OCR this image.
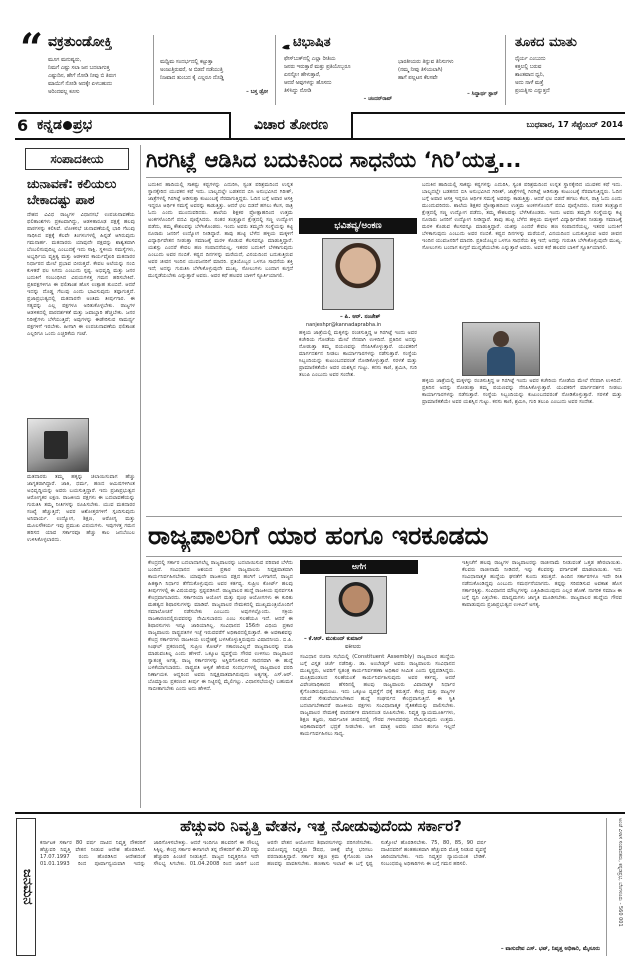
“ ವಕ್ರತುಂಡೋಕ್ತಿ
ಮೂಗ ಮನುಷ್ಯರು,
ನಿಮಗೆ ಎಷ್ಟು ಸಲಾ ಜನ ಬದಲಾಗುತ್ತ
ಎಷ್ಟುದಿನ, ಹೇಗೆ ನೋಡಿ ನೀವು ಬಿ ತಿರುಗ
ಮಾಯಿಗೆ ನೋಡಿ ಅದಕ್ಕೇ ಏಳಬಹುದು
ಅರಿಂದವಲ್ಲ ಕೂಸು
ಮಧ್ಯಿಮ ಸಂದರ್ಭದಲ್ಲಿ ಕಟ್ಟುತ್ತಾ
ಅಂಜುತ್ತಿರುವರೆ, ಅ ಬಿಡದೆ ನಡೆಯುತ್ತಿ
ನಿಜವಾದ ತುಂಬದ ಕೈ ಎಲ್ಲರೂ ದೊಡ್ಡಿ
– ಬಸ್ತ ಡ್ರೋ
ಟಿಭಾಷಿತ
ಫೇಸ್‌ಬುಕ್‌ನಲ್ಲಿ ಎಲ್ಲಾ ರೀತಿಯ
ಜನರು ಇರುತ್ತಾರೆ ಮತ್ತು ಪ್ರತಿಯೊಬ್ಬರೂ
ಏನನ್ನೋ ಹೇಳುತ್ತಾರೆ,
ಆದರೆ ಅವುಗಳನ್ನು ಹೊಸದು
ತಿಳಿಸಿದ್ದು ನೋಡಿ
– ಚಂದನ್‌ರಾವ್
ಭಾರತೀಯರು ತಿನ್ನುವ ತಿನಿಸುಗಳು
(ನಮ್ಮ ನೀವು ತಿಳಿಯಲಾಗಿ)
ಹಾಗೆ ಪಲ್ಲಟನ ಕೆಲಸವೇ
– ಸಿದ್ದಾರ್ಥ ಸ್ಟಾನ್
ತೂಕದ ಮಾತು
ಧೈರ್ಯ ಎಂಬುದು
ಕತ್ತಲಲ್ಲಿ ಬರುವ
ಶಾಂತವಾದ ಧ್ವನಿ,
ಅದು ನಾಳೆ ಮತ್ತೆ
ಪ್ರಯತ್ನಿಸು ಎನ್ನುತ್ತದೆ
6 ಕನ್ನಡ ಪ್ರಭ	ವಿಚಾರ ತೋರಣ	ಬುಧವಾರ, 17 ಸೆಪ್ಟೆಂಬರ್ 2014
ಸಂಪಾದಕೀಯ
ಚುನಾವಣೆ: ಕಲಿಯಲು ಬೇಕಾದಷ್ಟು ಪಾಠ
ದೇಶದ ವಿವಿಧ ರಾಜ್ಯಗಳ ವಿಧಾನಸಭೆ ಉಪಚುನಾವಣೆಯ ಫಲಿತಾಂಶಗಳು ಪ್ರಕಟವಾಗಿದ್ದು, ಆಡಳಿತಾರೂಢ ಪಕ್ಷಕ್ಕೆ ಹಲವು ಪಾಠಗಳನ್ನು ಕಲಿಸಿವೆ. ಲೋಕಸಭೆ ಚುನಾವಣೆಯಲ್ಲಿ ಭಾರಿ ಗೆಲುವು ಸಾಧಿಸಿದ ಪಕ್ಷಕ್ಕೆ ಕೆಲವೇ ತಿಂಗಳುಗಳಲ್ಲಿ ಹಿನ್ನಡೆ ಆಗಿರುವುದು ಗಮನಾರ್ಹ. ಮತದಾರರು ಯಾವುದೇ ಪಕ್ಷವನ್ನು ಶಾಶ್ವತವಾಗಿ ಬೆಂಬಲಿಸುವುದಿಲ್ಲ ಎಂಬುದಕ್ಕೆ ಇದು ಸಾಕ್ಷಿ. ಸ್ಥಳೀಯ ಸಮಸ್ಯೆಗಳು, ಅಭ್ಯರ್ಥಿಯ ವ್ಯಕ್ತಿತ್ವ ಮತ್ತು ಆಡಳಿತದ ಕಾರ್ಯವೈಖರಿ ಮತದಾರರ ನಿರ್ಧಾರದ ಮೇಲೆ ಪ್ರಭಾವ ಬೀರುತ್ತವೆ. ಕೇವಲ ಅಲೆಯನ್ನು ನಂಬಿ ಕುಳಿತರೆ ಫಲ ಸಿಗದು ಎಂಬುದು ಸ್ಪಷ್ಟ. ಅಭಿವೃದ್ಧಿ ಮತ್ತು ಜನರ ಬದುಕಿಗೆ ಸಂಬಂಧಿಸಿದ ವಿಷಯಗಳತ್ತ ಗಮನ ಹರಿಸಬೇಕಿದೆ. ಪ್ರತಿಪಕ್ಷಗಳಿಗೂ ಈ ಫಲಿತಾಂಶ ಹೊಸ ಉತ್ಸಾಹ ತುಂಬಿದೆ. ಆದರೆ ಇದನ್ನು ದೊಡ್ಡ ಗೆಲುವು ಎಂದು ಭಾವಿಸುವುದು ತಪ್ಪಾಗುತ್ತದೆ. ಪ್ರಜಾಪ್ರಭುತ್ವದಲ್ಲಿ ಮತದಾರನೇ ಅಂತಿಮ ತೀರ್ಪುಗಾರ. ಈ ಸತ್ಯವನ್ನು ಎಲ್ಲ ಪಕ್ಷಗಳೂ ಅರಿತುಕೊಳ್ಳಬೇಕು. ರಾಜ್ಯಗಳ ಆಡಳಿತದಲ್ಲಿ ಪಾರದರ್ಶಕತೆ ಮತ್ತು ಜವಾಬ್ದಾರಿ ಹೆಚ್ಚಬೇಕು. ಜನರ ನಿರೀಕ್ಷೆಗಳು ಬೆಳೆಯುತ್ತಿವೆ; ಅವುಗಳನ್ನು ಈಡೇರಿಸುವ ಸಾಮರ್ಥ್ಯ ಪಕ್ಷಗಳಿಗೆ ಇರಬೇಕು. ಹೀಗಾಗಿ ಈ ಉಪಚುನಾವಣೆಯ ಫಲಿತಾಂಶ ಎಲ್ಲರಿಗೂ ಒಂದು ಎಚ್ಚರಿಕೆಯ ಗಂಟೆ.
ಮತದಾರರು ತಮ್ಮ ಹಕ್ಕನ್ನು ಚಲಾಯಿಸುವಾಗ ಹೆಚ್ಚು ಜಾಗೃತರಾಗಿದ್ದಾರೆ. ಜಾತಿ, ಧರ್ಮ, ಹಣದ ಆಮಿಷಗಳಿಗಿಂತ ಅಭಿವೃದ್ಧಿಯನ್ನು ಅವರು ಬಯಸುತ್ತಿದ್ದಾರೆ. ಇದು ಪ್ರಜಾಪ್ರಭುತ್ವದ ಆರೋಗ್ಯಕರ ಲಕ್ಷಣ. ರಾಜಕೀಯ ಪಕ್ಷಗಳು ಈ ಬದಲಾವಣೆಯನ್ನು ಗುರುತಿಸಿ ತಮ್ಮ ನೀತಿಗಳನ್ನು ರೂಪಿಸಬೇಕು. ಯುವ ಮತದಾರರ ಸಂಖ್ಯೆ ಹೆಚ್ಚುತ್ತಿದೆ; ಅವರ ಆಶೋತ್ತರಗಳಿಗೆ ಸ್ಪಂದಿಸುವುದು ಅನಿವಾರ್ಯ. ಉದ್ಯೋಗ, ಶಿಕ್ಷಣ, ಆರೋಗ್ಯ ಮತ್ತು ಮೂಲಸೌಕರ್ಯ ಇವು ಪ್ರಮುಖ ವಿಷಯಗಳು. ಇವುಗಳತ್ತ ಗಮನ ಹರಿಸದ ಯಾವ ಸರ್ಕಾರವೂ ಹೆಚ್ಚು ಕಾಲ ಜನಬೆಂಬಲ ಉಳಿಸಿಕೊಳ್ಳಲಾರದು.
ಗಿರಗಿಟ್ಲೆ ಆಡಿಸಿದ ಬದುಕಿನಿಂದ ಸಾಧನೆಯ ‘ಗಿರಿ’ಯತ್ತ...
ಬದುಕಿನ ಹಾದಿಯಲ್ಲಿ ಸಾಕಷ್ಟು ಕಷ್ಟಗಳನ್ನು ಎದುರಿಸಿ, ಸ್ವಂತ ಪರಿಶ್ರಮದಿಂದ ಉನ್ನತ ಸ್ಥಾನಕ್ಕೇರಿದ ಯುವಕನ ಕಥೆ ಇದು. ಬಾಲ್ಯದಲ್ಲೇ ಬಡತನದ ಬಿಸಿ ಅನುಭವಿಸಿದ ಗಿರೀಶ್, ಜಾತ್ರೆಗಳಲ್ಲಿ ಗಿರಗಿಟ್ಲೆ ಆಡಿಸುತ್ತಾ ಕುಟುಂಬಕ್ಕೆ ನೆರವಾಗುತ್ತಿದ್ದರು. ಓದಿನ ಬಗ್ಗೆ ಅಪಾರ ಆಸಕ್ತಿ ಇದ್ದರೂ ಆರ್ಥಿಕ ಸಮಸ್ಯೆ ಅವರನ್ನು ಕಾಡುತ್ತಿತ್ತು. ಆದರೆ ಛಲ ಬಿಡದೆ ಹಗಲು ಕೆಲಸ, ರಾತ್ರಿ ಓದು ಎಂದು ಮುಂದುವರಿದರು. ಶಾಲೆಯ ಶಿಕ್ಷಕರ ಪ್ರೋತ್ಸಾಹದಿಂದ ಉತ್ತಮ ಅಂಕಗಳೊಂದಿಗೆ ಪದವಿ ಪೂರೈಸಿದರು. ನಂತರ ತಂತ್ರಜ್ಞಾನ ಕ್ಷೇತ್ರದಲ್ಲಿ ಸಣ್ಣ ಉದ್ಯೋಗ ಪಡೆದು, ತಮ್ಮ ಕೌಶಲವನ್ನು ಬೆಳೆಸಿಕೊಂಡರು. ಇಂದು ಅವರು ತಮ್ಮದೇ ಸಂಸ್ಥೆಯನ್ನು ಕಟ್ಟಿ ನೂರಾರು ಜನರಿಗೆ ಉದ್ಯೋಗ ನೀಡಿದ್ದಾರೆ. ತಾವು ಹುಟ್ಟಿ ಬೆಳೆದ ಹಳ್ಳಿಯ ಮಕ್ಕಳಿಗೆ ವಿದ್ಯಾರ್ಥಿವೇತನ ನೀಡುತ್ತಾ ಸಮಾಜಕ್ಕೆ ಮರಳಿ ಕೊಡುವ ಕೆಲಸವನ್ನೂ ಮಾಡುತ್ತಿದ್ದಾರೆ. ಯಶಸ್ಸು ಎಂದರೆ ಕೇವಲ ಹಣ ಸಂಪಾದನೆಯಲ್ಲ, ಇತರರ ಬದುಕಿಗೆ ಬೆಳಕಾಗುವುದು ಎಂಬುದು ಅವರ ನಂಬಿಕೆ. ಕಷ್ಟದ ದಿನಗಳನ್ನು ಮರೆಯದೆ, ವಿನಯದಿಂದ ಬದುಕುತ್ತಿರುವ ಅವರ ಜೀವನ ಇಂದಿನ ಯುವಜನರಿಗೆ ಮಾದರಿ. ಪ್ರತಿಯೊಬ್ಬರ ಒಳಗೂ ಸಾಧನೆಯ ಶಕ್ತಿ ಇದೆ; ಅದನ್ನು ಗುರುತಿಸಿ ಬೆಳೆಸಿಕೊಳ್ಳುವುದೇ ಮುಖ್ಯ. ಸೋಲುಗಳು ಬಂದಾಗ ಕುಗ್ಗದೆ ಮುನ್ನಡೆಯಬೇಕು ಎನ್ನುತ್ತಾರೆ ಅವರು. ಅವರ ಕಥೆ ಹಲವರ ಬಾಳಿಗೆ ಸ್ಫೂರ್ತಿಯಾಗಲಿ.
ಭವಿತವ್ಯ/ಅಂಕಣ
– ಪಿ. ಆರ್. ನಂಜೇಶ್
nanjeshpr@kannadaprabha.in
ಹಳ್ಳಿಯ ಜಾತ್ರೆಯಲ್ಲಿ ಮಕ್ಕಳನ್ನು ರಂಜಿಸುತ್ತಿದ್ದ ಆ ಗಿರಗಿಟ್ಲೆ ಇಂದು ಅವರ ಕಚೇರಿಯ ಗೋಡೆಯ ಮೇಲೆ ನೆನಪಾಗಿ ಉಳಿದಿದೆ. ಪ್ರತಿದಿನ ಅದನ್ನು ನೋಡುತ್ತಾ ತಮ್ಮ ಪಯಣವನ್ನು ನೆನಪಿಸಿಕೊಳ್ಳುತ್ತಾರೆ. ಯುವಕರಿಗೆ ಮಾರ್ಗದರ್ಶನ ನೀಡಲು ಕಾರ್ಯಾಗಾರಗಳನ್ನು ನಡೆಸುತ್ತಾರೆ. ಸಂಸ್ಥೆಯ ಸಿಬ್ಬಂದಿಯನ್ನು ಕುಟುಂಬದವರಂತೆ ನೋಡಿಕೊಳ್ಳುತ್ತಾರೆ. ಸರಳತೆ ಮತ್ತು ಪ್ರಾಮಾಣಿಕತೆಯೇ ಅವರ ಯಶಸ್ಸಿನ ಗುಟ್ಟು. ಕನಸು ಕಾಣಿ, ಶ್ರಮಿಸಿ, ಗುರಿ ತಲುಪಿ ಎಂಬುದು ಅವರ ಸಂದೇಶ.
ಬದುಕಿನ ಹಾದಿಯಲ್ಲಿ ಸಾಕಷ್ಟು ಕಷ್ಟಗಳನ್ನು ಎದುರಿಸಿ, ಸ್ವಂತ ಪರಿಶ್ರಮದಿಂದ ಉನ್ನತ ಸ್ಥಾನಕ್ಕೇರಿದ ಯುವಕನ ಕಥೆ ಇದು. ಬಾಲ್ಯದಲ್ಲೇ ಬಡತನದ ಬಿಸಿ ಅನುಭವಿಸಿದ ಗಿರೀಶ್, ಜಾತ್ರೆಗಳಲ್ಲಿ ಗಿರಗಿಟ್ಲೆ ಆಡಿಸುತ್ತಾ ಕುಟುಂಬಕ್ಕೆ ನೆರವಾಗುತ್ತಿದ್ದರು. ಓದಿನ ಬಗ್ಗೆ ಅಪಾರ ಆಸಕ್ತಿ ಇದ್ದರೂ ಆರ್ಥಿಕ ಸಮಸ್ಯೆ ಅವರನ್ನು ಕಾಡುತ್ತಿತ್ತು. ಆದರೆ ಛಲ ಬಿಡದೆ ಹಗಲು ಕೆಲಸ, ರಾತ್ರಿ ಓದು ಎಂದು ಮುಂದುವರಿದರು. ಶಾಲೆಯ ಶಿಕ್ಷಕರ ಪ್ರೋತ್ಸಾಹದಿಂದ ಉತ್ತಮ ಅಂಕಗಳೊಂದಿಗೆ ಪದವಿ ಪೂರೈಸಿದರು. ನಂತರ ತಂತ್ರಜ್ಞಾನ ಕ್ಷೇತ್ರದಲ್ಲಿ ಸಣ್ಣ ಉದ್ಯೋಗ ಪಡೆದು, ತಮ್ಮ ಕೌಶಲವನ್ನು ಬೆಳೆಸಿಕೊಂಡರು. ಇಂದು ಅವರು ತಮ್ಮದೇ ಸಂಸ್ಥೆಯನ್ನು ಕಟ್ಟಿ ನೂರಾರು ಜನರಿಗೆ ಉದ್ಯೋಗ ನೀಡಿದ್ದಾರೆ. ತಾವು ಹುಟ್ಟಿ ಬೆಳೆದ ಹಳ್ಳಿಯ ಮಕ್ಕಳಿಗೆ ವಿದ್ಯಾರ್ಥಿವೇತನ ನೀಡುತ್ತಾ ಸಮಾಜಕ್ಕೆ ಮರಳಿ ಕೊಡುವ ಕೆಲಸವನ್ನೂ ಮಾಡುತ್ತಿದ್ದಾರೆ. ಯಶಸ್ಸು ಎಂದರೆ ಕೇವಲ ಹಣ ಸಂಪಾದನೆಯಲ್ಲ, ಇತರರ ಬದುಕಿಗೆ ಬೆಳಕಾಗುವುದು ಎಂಬುದು ಅವರ ನಂಬಿಕೆ. ಕಷ್ಟದ ದಿನಗಳನ್ನು ಮರೆಯದೆ, ವಿನಯದಿಂದ ಬದುಕುತ್ತಿರುವ ಅವರ ಜೀವನ ಇಂದಿನ ಯುವಜನರಿಗೆ ಮಾದರಿ. ಪ್ರತಿಯೊಬ್ಬರ ಒಳಗೂ ಸಾಧನೆಯ ಶಕ್ತಿ ಇದೆ; ಅದನ್ನು ಗುರುತಿಸಿ ಬೆಳೆಸಿಕೊಳ್ಳುವುದೇ ಮುಖ್ಯ. ಸೋಲುಗಳು ಬಂದಾಗ ಕುಗ್ಗದೆ ಮುನ್ನಡೆಯಬೇಕು ಎನ್ನುತ್ತಾರೆ ಅವರು. ಅವರ ಕಥೆ ಹಲವರ ಬಾಳಿಗೆ ಸ್ಫೂರ್ತಿಯಾಗಲಿ.
ಹಳ್ಳಿಯ ಜಾತ್ರೆಯಲ್ಲಿ ಮಕ್ಕಳನ್ನು ರಂಜಿಸುತ್ತಿದ್ದ ಆ ಗಿರಗಿಟ್ಲೆ ಇಂದು ಅವರ ಕಚೇರಿಯ ಗೋಡೆಯ ಮೇಲೆ ನೆನಪಾಗಿ ಉಳಿದಿದೆ. ಪ್ರತಿದಿನ ಅದನ್ನು ನೋಡುತ್ತಾ ತಮ್ಮ ಪಯಣವನ್ನು ನೆನಪಿಸಿಕೊಳ್ಳುತ್ತಾರೆ. ಯುವಕರಿಗೆ ಮಾರ್ಗದರ್ಶನ ನೀಡಲು ಕಾರ್ಯಾಗಾರಗಳನ್ನು ನಡೆಸುತ್ತಾರೆ. ಸಂಸ್ಥೆಯ ಸಿಬ್ಬಂದಿಯನ್ನು ಕುಟುಂಬದವರಂತೆ ನೋಡಿಕೊಳ್ಳುತ್ತಾರೆ. ಸರಳತೆ ಮತ್ತು ಪ್ರಾಮಾಣಿಕತೆಯೇ ಅವರ ಯಶಸ್ಸಿನ ಗುಟ್ಟು. ಕನಸು ಕಾಣಿ, ಶ್ರಮಿಸಿ, ಗುರಿ ತಲುಪಿ ಎಂಬುದು ಅವರ ಸಂದೇಶ.
ರಾಜ್ಯಪಾಲರಿಗೆ ಯಾರ ಹಂಗೂ ಇರಕೂಡದು
ಕೇಂದ್ರದಲ್ಲಿ ಸರ್ಕಾರ ಬದಲಾದಾಗಲೆಲ್ಲ ರಾಜ್ಯಪಾಲರನ್ನು ಬದಲಾಯಿಸುವ ಪರಿಪಾಠ ಬೆಳೆದು ಬಂದಿದೆ. ಸಂವಿಧಾನದ ಆಶಯದ ಪ್ರಕಾರ ರಾಜ್ಯಪಾಲರು ನಿಷ್ಪಕ್ಷಪಾತವಾಗಿ ಕಾರ್ಯನಿರ್ವಹಿಸಬೇಕು. ಯಾವುದೇ ರಾಜಕೀಯ ಪಕ್ಷದ ಹಂಗಿಗೆ ಒಳಗಾಗದೆ, ರಾಜ್ಯದ ಹಿತಕ್ಕಾಗಿ ನಿರ್ಧಾರ ತೆಗೆದುಕೊಳ್ಳುವುದು ಅವರ ಕರ್ತವ್ಯ. ಸುಪ್ರೀಂ ಕೋರ್ಟ್ ಹಲವು ತೀರ್ಪುಗಳಲ್ಲಿ ಈ ವಿಷಯವನ್ನು ಸ್ಪಷ್ಟಪಡಿಸಿದೆ. ರಾಜ್ಯಪಾಲರ ಹುದ್ದೆ ರಾಜಕೀಯ ಪುನರ್ವಸತಿ ಕೇಂದ್ರವಾಗಬಾರದು. ಸರ್ಕಾರಿಯಾ ಆಯೋಗ ಮತ್ತು ಪುಂಛಿ ಆಯೋಗಗಳು ಈ ಕುರಿತು ಮಹತ್ವದ ಶಿಫಾರಸುಗಳನ್ನು ಮಾಡಿವೆ. ರಾಜ್ಯಪಾಲರ ನೇಮಕದಲ್ಲಿ ಮುಖ್ಯಮಂತ್ರಿಯೊಂದಿಗೆ ಸಮಾಲೋಚನೆ ನಡೆಸಬೇಕು ಎಂಬುದು ಅವುಗಳಲ್ಲೊಂದು. ಸಕ್ರಿಯ ರಾಜಕಾರಣದಲ್ಲಿರುವವರನ್ನು ನೇಮಿಸಬಾರದು ಎಂಬ ಸಲಹೆಯೂ ಇದೆ. ಆದರೆ ಈ ಶಿಫಾರಸುಗಳು ಇನ್ನೂ ಜಾರಿಯಾಗಿಲ್ಲ. ಸಂವಿಧಾನದ 156ನೇ ವಿಧಿಯ ಪ್ರಕಾರ ರಾಜ್ಯಪಾಲರು ರಾಷ್ಟ್ರಪತಿಗಳ ಇಚ್ಛೆ ಇರುವವರೆಗೆ ಅಧಿಕಾರದಲ್ಲಿರುತ್ತಾರೆ. ಈ ಅವಕಾಶವನ್ನು ಕೇಂದ್ರ ಸರ್ಕಾರಗಳು ರಾಜಕೀಯ ಉದ್ದೇಶಕ್ಕೆ ಬಳಸಿಕೊಳ್ಳುತ್ತಿರುವುದು ವಿಷಾದನೀಯ. ಬಿ.ಪಿ. ಸಿಂಘಲ್ ಪ್ರಕರಣದಲ್ಲಿ ಸುಪ್ರೀಂ ಕೋರ್ಟ್ ಸಕಾರಣವಿಲ್ಲದೆ ರಾಜ್ಯಪಾಲರನ್ನು ವಜಾ ಮಾಡುವಂತಿಲ್ಲ ಎಂದು ಹೇಳಿದೆ. ಒಕ್ಕೂಟ ವ್ಯವಸ್ಥೆಯ ಗೌರವ ಉಳಿಸಲು ರಾಜ್ಯಪಾಲರ ಸ್ವಾತಂತ್ರ್ಯ ಅಗತ್ಯ. ರಾಜ್ಯ ಸರ್ಕಾರಗಳನ್ನು ಅಸ್ಥಿರಗೊಳಿಸುವ ಸಾಧನವಾಗಿ ಈ ಹುದ್ದೆ ಬಳಕೆಯಾಗಬಾರದು. ರಾಷ್ಟ್ರಪತಿ ಆಳ್ವಿಕೆ ಹೇರುವ ಸಂದರ್ಭಗಳಲ್ಲಿ ರಾಜ್ಯಪಾಲರ ವರದಿ ನಿರ್ಣಾಯಕ. ಆದ್ದರಿಂದ ಅವರು ನಿಷ್ಪಕ್ಷಪಾತವಾಗಿರುವುದು ಅತ್ಯಗತ್ಯ. ಎಸ್.ಆರ್. ಬೊಮ್ಮಾಯಿ ಪ್ರಕರಣದ ತೀರ್ಪು ಈ ನಿಟ್ಟಿನಲ್ಲಿ ಮೈಲಿಗಲ್ಲು. ವಿಧಾನಸಭೆಯಲ್ಲೇ ಬಹುಮತ ಸಾಬೀತಾಗಬೇಕು ಎಂದು ಅದು ಹೇಳಿದೆ.
ಅಗೆಗ
– ಕೆ.ಆರ್. ಮುಕುಂದ್ ಕುಮಾರ್
ವಕೀಲರು
ಸಂವಿಧಾನ ರಚನಾ ಸಭೆಯಲ್ಲಿ (Constituent Assembly) ರಾಜ್ಯಪಾಲರ ಹುದ್ದೆಯ ಬಗ್ಗೆ ವಿಸ್ತೃತ ಚರ್ಚೆ ನಡೆದಿತ್ತು. ಡಾ. ಅಂಬೇಡ್ಕರ್ ಅವರು ರಾಜ್ಯಪಾಲರು ಸಂವಿಧಾನದ ಮುಖ್ಯಸ್ಥರು, ಅವರಿಗೆ ಸ್ವತಂತ್ರ ಕಾರ್ಯನಿರ್ವಹಣಾ ಅಧಿಕಾರ ಸೀಮಿತ ಎಂದು ಸ್ಪಷ್ಟಪಡಿಸಿದ್ದರು. ಮಂತ್ರಿಮಂಡಲದ ಸಲಹೆಯಂತೆ ಕಾರ್ಯನಿರ್ವಹಿಸುವುದು ಅವರ ಕರ್ತವ್ಯ. ಆದರೆ ವಿವೇಚನಾಧಿಕಾರದ ಹೆಸರಿನಲ್ಲಿ ಹಲವು ರಾಜ್ಯಪಾಲರು ವಿವಾದಾತ್ಮಕ ನಿರ್ಧಾರ ಕೈಗೊಂಡಿರುವುದುಂಟು. ಇದು ಒಕ್ಕೂಟ ವ್ಯವಸ್ಥೆಗೆ ಧಕ್ಕೆ ತರುತ್ತದೆ. ಕೇಂದ್ರ ಮತ್ತು ರಾಜ್ಯಗಳ ನಡುವೆ ಸೇತುವೆಯಾಗಬೇಕಾದ ಹುದ್ದೆ ಸಂಘರ್ಷದ ಕೇಂದ್ರವಾಗುತ್ತಿದೆ. ಈ ಸ್ಥಿತಿ ಬದಲಾಗಬೇಕಾದರೆ ರಾಜಕೀಯ ಪಕ್ಷಗಳು ಸಂವಿಧಾನಾತ್ಮಕ ನೈತಿಕತೆಯನ್ನು ಪಾಲಿಸಬೇಕು. ರಾಜ್ಯಪಾಲರ ನೇಮಕಕ್ಕೆ ಪಾರದರ್ಶಕ ಮಾನದಂಡ ರೂಪಿಸಬೇಕು. ನಿವೃತ್ತ ನ್ಯಾಯಮೂರ್ತಿಗಳು, ಶಿಕ್ಷಣ ತಜ್ಞರು, ಸಾರ್ವಜನಿಕ ಜೀವನದಲ್ಲಿ ಗೌರವ ಗಳಿಸಿದವರನ್ನು ನೇಮಿಸುವುದು ಉತ್ತಮ. ಅಧಿಕಾರಾವಧಿಗೆ ಭದ್ರತೆ ನೀಡಬೇಕು. ಆಗ ಮಾತ್ರ ಅವರು ಯಾರ ಹಂಗೂ ಇಲ್ಲದೆ ಕಾರ್ಯನಿರ್ವಹಿಸಲು ಸಾಧ್ಯ.
ಇತ್ತೀಚೆಗೆ ಹಲವು ರಾಜ್ಯಗಳ ರಾಜ್ಯಪಾಲರನ್ನು ರಾಜೀನಾಮೆ ನೀಡುವಂತೆ ಒತ್ತಡ ಹೇರಲಾಯಿತು. ಕೆಲವರು ರಾಜೀನಾಮೆ ನೀಡಿದರೆ, ಇನ್ನು ಕೆಲವರನ್ನು ವರ್ಗಾವಣೆ ಮಾಡಲಾಯಿತು. ಇದು ಸಂವಿಧಾನಾತ್ಮಕ ಹುದ್ದೆಯ ಘನತೆಗೆ ಕುಂದು ತರುತ್ತದೆ. ಹಿಂದಿನ ಸರ್ಕಾರಗಳೂ ಇದೇ ರೀತಿ ನಡೆದುಕೊಂಡಿದ್ದವು ಎಂಬುದು ಸಮರ್ಥನೆಯಾಗದು. ತಪ್ಪನ್ನು ಸರಿಪಡಿಸುವ ಅವಕಾಶ ಹೊಸ ಸರ್ಕಾರಕ್ಕಿತ್ತು. ಸಂವಿಧಾನದ ಮೌಲ್ಯಗಳನ್ನು ಎತ್ತಿಹಿಡಿಯುವುದು ಎಲ್ಲರ ಹೊಣೆ. ನಾಗರಿಕ ಸಮಾಜ ಈ ಬಗ್ಗೆ ಧ್ವನಿ ಎತ್ತಬೇಕು. ಮಾಧ್ಯಮಗಳು ಜಾಗೃತಿ ಮೂಡಿಸಬೇಕು. ರಾಜ್ಯಪಾಲರ ಹುದ್ದೆಯ ಗೌರವ ಕಾಪಾಡುವುದು ಪ್ರಜಾಪ್ರಭುತ್ವದ ಉಳಿವಿಗೆ ಅಗತ್ಯ.
ಜನಮನ
ಹೆಚ್ಚುವರಿ ನಿವೃತ್ತಿ ವೇತನ, ಇತ್ತ ನೋಡುವುದೆಂದು ಸರ್ಕಾರ?
ಕರ್ನಾಟಕ ಸರ್ಕಾರ 80 ವರ್ಷ ದಾಟಿದ ನಿವೃತ್ತ ನೌಕರರಿಗೆ ಹೆಚ್ಚುವರಿ ನಿವೃತ್ತಿ ವೇತನ ನೀಡುವ ಆದೇಶ ಹೊರಡಿಸಿದೆ. 17.07.1997 ರಂದು ಹೊರಡಿಸಿದ ಆದೇಶದಂತೆ 01.01.1993 ರಿಂದ ಪೂರ್ವಾನ್ವಯವಾಗಿ ಇದನ್ನು ಜಾರಿಗೊಳಿಸಬೇಕಿತ್ತು. ಆದರೆ ಇಂದಿಗೂ ಹಲವರಿಗೆ ಈ ಸೌಲಭ್ಯ ಸಿಕ್ಕಿಲ್ಲ. ಕೇಂದ್ರ ಸರ್ಕಾರ ಈಗಾಗಲೇ ತನ್ನ ನೌಕರರಿಗೆ ಶೇ.20 ರಷ್ಟು ಹೆಚ್ಚುವರಿ ಪಿಂಚಣಿ ನೀಡುತ್ತಿದೆ. ರಾಜ್ಯದ ನಿವೃತ್ತರಿಗೂ ಇದೇ ಸೌಲಭ್ಯ ಸಿಗಬೇಕು. 01.04.2008 ರಿಂದ ಜಾರಿಗೆ ಬಂದ ಆರನೇ ವೇತನ ಆಯೋಗದ ಶಿಫಾರಸುಗಳನ್ನು ಪರಿಗಣಿಸಬೇಕು. ವಯೋವೃದ್ಧ ನಿವೃತ್ತರು ಔಷಧ, ಚಿಕಿತ್ಸೆ ವೆಚ್ಚ ಭರಿಸಲು ಪರದಾಡುತ್ತಿದ್ದಾರೆ. ಸರ್ಕಾರ ತಕ್ಷಣ ಕ್ರಮ ಕೈಗೊಂಡು ಬಾಕಿ ಹಣವನ್ನು ಪಾವತಿಸಬೇಕು. ಹಣಕಾಸು ಇಲಾಖೆ ಈ ಬಗ್ಗೆ ಸ್ಪಷ್ಟ ಸುತ್ತೋಲೆ ಹೊರಡಿಸಬೇಕು. 75, 80, 85, 90 ವರ್ಷ ದಾಟಿದವರಿಗೆ ಹಂತಹಂತವಾಗಿ ಹೆಚ್ಚುವರಿ ಮೊತ್ತ ನೀಡುವ ವ್ಯವಸ್ಥೆ ಜಾರಿಯಾಗಬೇಕು. ಇದು ನಿವೃತ್ತರ ನ್ಯಾಯಯುತ ಬೇಡಿಕೆ. ಸಂಬಂಧಪಟ್ಟ ಅಧಿಕಾರಿಗಳು ಈ ಬಗ್ಗೆ ಗಮನ ಹರಿಸಲಿ.
– ವಾಸುದೇವ ಎಸ್. ಭಟ್, ನಿವೃತ್ತ ಅಧಿಕಾರಿ, ಮೈಸೂರು
ಅಂಚೆ ವಿಳಾಸ ಸಂಪಾದಕರು, ಕನ್ನಡಪ್ರಭ, ಬೆಂಗಳೂರು - 560 001
